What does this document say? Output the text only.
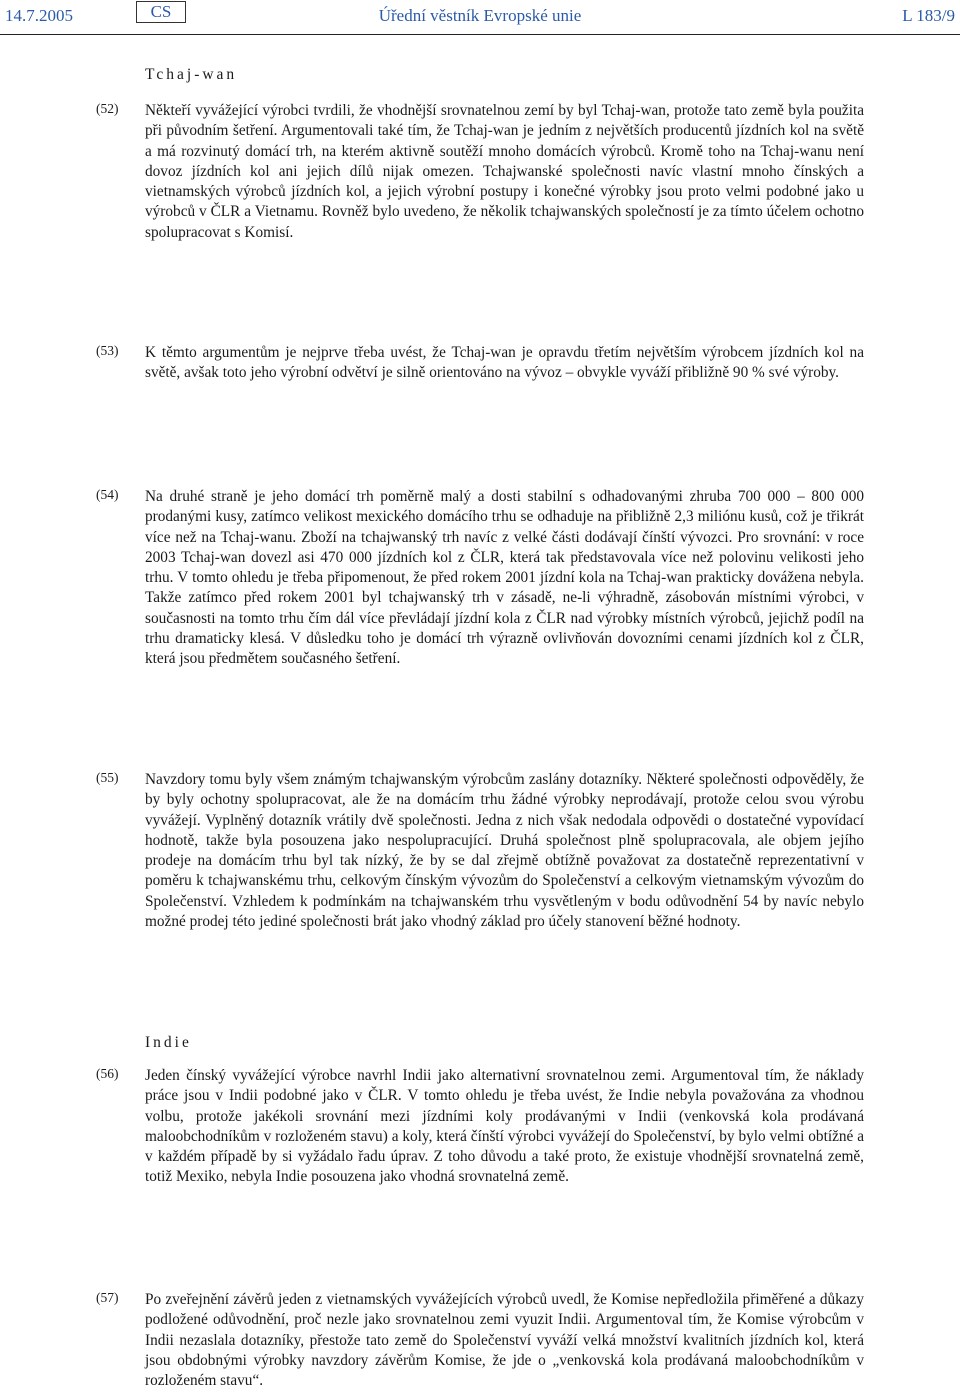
14.7.2005	CS	Úřední věstník Evropské unie	L 183/9
Tchaj-wan
(52) Někteří vyvážející výrobci tvrdili, že vhodnější srovnatelnou zemí by byl Tchaj-wan, protože tato země byla použita při původním šetření. Argumentovali také tím, že Tchaj-wan je jedním z největších producentů jízdních kol na světě a má rozvinutý domácí trh, na kterém aktivně soutěží mnoho domácích výrobců. Kromě toho na Tchaj-wanu není dovoz jízdních kol ani jejich dílů nijak omezen. Tchajwanské společnosti navíc vlastní mnoho čínských a vietnamských výrobců jízdních kol, a jejich výrobní postupy i konečné výrobky jsou proto velmi podobné jako u výrobců v ČLR a Vietnamu. Rovněž bylo uvedeno, že několik tchajwanských společností je za tímto účelem ochotno spolupracovat s Komisí.
(53) K těmto argumentům je nejprve třeba uvést, že Tchaj-wan je opravdu třetím největším výrobcem jízdních kol na světě, avšak toto jeho výrobní odvětví je silně orientováno na vývoz – obvykle vyváží přibližně 90 % své výroby.
(54) Na druhé straně je jeho domácí trh poměrně malý a dosti stabilní s odhadovanými zhruba 700 000 – 800 000 prodanými kusy, zatímco velikost mexického domácího trhu se odhaduje na přibližně 2,3 miliónu kusů, což je třikrát více než na Tchaj-wanu. Zboží na tchajwanský trh navíc z velké části dodávají čínští vývozci. Pro srovnání: v roce 2003 Tchaj-wan dovezl asi 470 000 jízdních kol z ČLR, která tak představovala více než polovinu velikosti jeho trhu. V tomto ohledu je třeba připomenout, že před rokem 2001 jízdní kola na Tchaj-wan prakticky dovážena nebyla. Takže zatímco před rokem 2001 byl tchajwanský trh v zásadě, ne-li výhradně, zásobován místními výrobci, v současnosti na tomto trhu čím dál více převládají jízdní kola z ČLR nad výrobky místních výrobců, jejichž podíl na trhu dramaticky klesá. V důsledku toho je domácí trh výrazně ovlivňován dovozními cenami jízdních kol z ČLR, která jsou předmětem současného šetření.
(55) Navzdory tomu byly všem známým tchajwanským výrobcům zaslány dotazníky. Některé společnosti odpověděly, že by byly ochotny spolupracovat, ale že na domácím trhu žádné výrobky neprodávají, protože celou svou výrobu vyvážejí. Vyplněný dotazník vrátily dvě společnosti. Jedna z nich však nedodala odpovědi o dostatečné vypovídací hodnotě, takže byla posouzena jako nespolupracující. Druhá společnost plně spolupracovala, ale objem jejího prodeje na domácím trhu byl tak nízký, že by se dal zřejmě obtížně považovat za dostatečně reprezentativní v poměru k tchajwanskému trhu, celkovým čínským vývozům do Společenství a celkovým vietnamským vývozům do Společenství. Vzhledem k podmínkám na tchajwanském trhu vysvětleným v bodu odůvodnění 54 by navíc nebylo možné prodej této jediné společnosti brát jako vhodný základ pro účely stanovení běžné hodnoty.
Indie
(56) Jeden čínský vyvážející výrobce navrhl Indii jako alternativní srovnatelnou zemi. Argumentoval tím, že náklady práce jsou v Indii podobné jako v ČLR. V tomto ohledu je třeba uvést, že Indie nebyla považována za vhodnou volbu, protože jakékoli srovnání mezi jízdními koly prodávanými v Indii (venkovská kola prodávaná maloobchodníkům v rozloženém stavu) a koly, která čínští výrobci vyvážejí do Společenství, by bylo velmi obtížné a v každém případě by si vyžádalo řadu úprav. Z toho důvodu a také proto, že existuje vhodnější srovnatelná země, totiž Mexiko, nebyla Indie posouzena jako vhodná srovnatelná země.
(57) Po zveřejnění závěrů jeden z vietnamských vyvážejících výrobců uvedl, že Komise nepředložila přiměřené a důkazy podložené odůvodnění, proč nezle jako srovnatelnou zemi vyuzit Indii. Argumentoval tím, že Komise výrobcům v Indii nezaslala dotazníky, přestože tato země do Společenství vyváží velká množství kvalitních jízdních kol, která jsou obdobnými výrobky navzdory závěrům Komise, že jde o „venkovská kola prodávaná maloobchodníkům v rozloženém stavu“.
